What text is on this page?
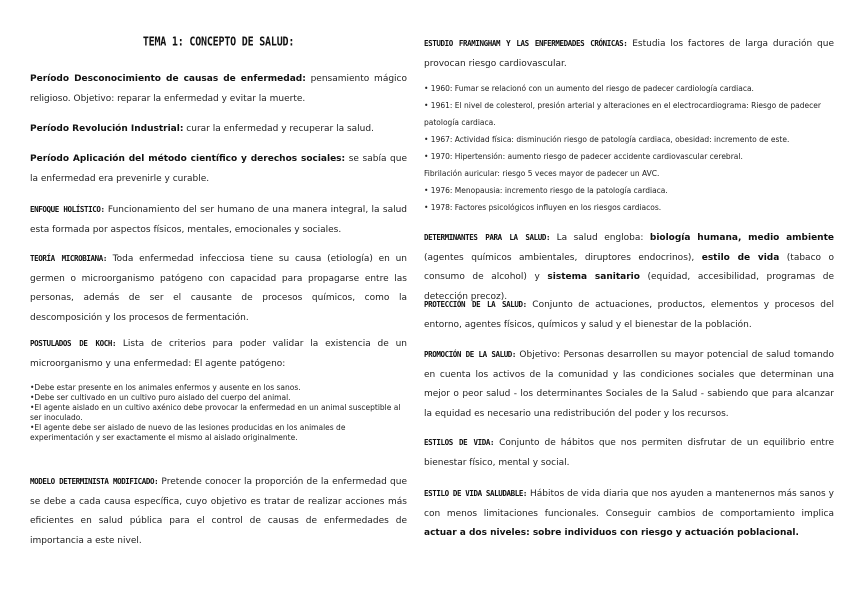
TEMA 1: CONCEPTO DE SALUD:

Período Desconocimiento de causas de enfermedad: pensamiento mágico religioso. Objetivo: reparar la enfermedad y evitar la muerte.

Período Revolución Industrial: curar la enfermedad y recuperar la salud.

Período Aplicación del método científico y derechos sociales: se sabía que la enfermedad era prevenirle y curable.

ENFOQUE HOLÍSTICO: Funcionamiento del ser humano de una manera integral, la salud esta formada por aspectos físicos, mentales, emocionales y sociales.

TEORÍA MICROBIANA: Toda enfermedad infecciosa tiene su causa (etiología) en un germen o microorganismo patógeno con capacidad para propagarse entre las personas, además de ser el causante de procesos químicos, como la descomposición y los procesos de fermentación.

POSTULADOS DE KOCH: Lista de criterios para poder validar la existencia de un microorganismo y una enfermedad: El agente patógeno:

•Debe estar presente en los animales enfermos y ausente en los sanos.
•Debe ser cultivado en un cultivo puro aislado del cuerpo del animal.
•El agente aislado en un cultivo axénico debe provocar la enfermedad en un animal susceptible al ser inoculado.
•El agente debe ser aislado de nuevo de las lesiones producidas en los animales de experimentación y ser exactamente el mismo al aislado originalmente.

MODELO DETERMINISTA MODIFICADO: Pretende conocer la proporción de la enfermedad que se debe a cada causa específica, cuyo objetivo es tratar de realizar acciones más eficientes en salud pública para el control de causas de enfermedades de importancia a este nivel.

ESTUDIO FRAMINGHAM Y LAS ENFERMEDADES CRÓNICAS: Estudia los factores de larga duración que provocan riesgo cardiovascular.

• 1960: Fumar se relacionó con un aumento del riesgo de padecer cardiología cardiaca.
• 1961: El nivel de colesterol, presión arterial y alteraciones en el electrocardiograma: Riesgo de padecer patología cardiaca.
• 1967: Actividad física: disminución riesgo de patología cardiaca, obesidad: incremento de este.
• 1970: Hipertensión: aumento riesgo de padecer accidente cardiovascular cerebral.
Fibrilación auricular: riesgo 5 veces mayor de padecer un AVC.
• 1976: Menopausia: incremento riesgo de la patología cardiaca.
• 1978: Factores psicológicos influyen en los riesgos cardiacos.

DETERMINANTES PARA LA SALUD: La salud engloba: biología humana, medio ambiente (agentes químicos ambientales, diruptores endocrinos), estilo de vida (tabaco o consumo de alcohol) y sistema sanitario (equidad, accesibilidad, programas de detección precoz).

PROTECCIÓN DE LA SALUD: Conjunto de actuaciones, productos, elementos y procesos del entorno, agentes físicos, químicos y salud y el bienestar de la población.

PROMOCIÓN DE LA SALUD: Objetivo: Personas desarrollen su mayor potencial de salud tomando en cuenta los activos de la comunidad y las condiciones sociales que determinan una mejor o peor salud - los determinantes Sociales de la Salud - sabiendo que para alcanzar la equidad es necesario una redistribución del poder y los recursos.

ESTILOS DE VIDA: Conjunto de hábitos que nos permiten disfrutar de un equilibrio entre bienestar físico, mental y social.

ESTILO DE VIDA SALUDABLE: Hábitos de vida diaria que nos ayuden a mantenernos más sanos y con menos limitaciones funcionales. Conseguir cambios de comportamiento implica actuar a dos niveles: sobre individuos con riesgo y actuación poblacional.
